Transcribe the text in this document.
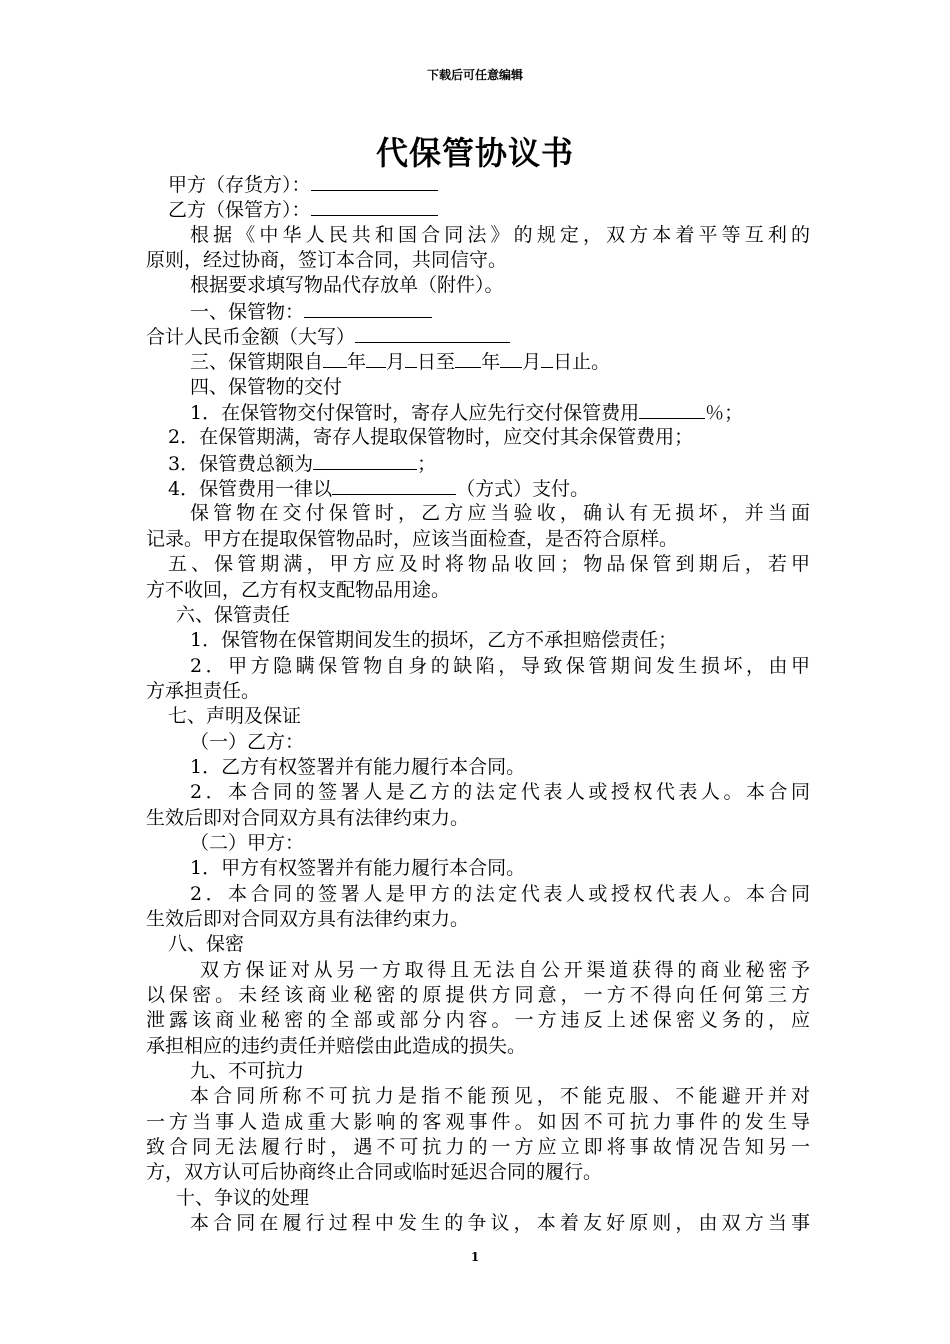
下载后可任意编辑
代保管协议书
甲方（存货方）：
乙方（保管方）：
根据《中华人民共和国合同法》的规定，双方本着平等互利的
原则，经过协商，签订本合同，共同信守。
根据要求填写物品代存放单（附件）。
一、保管物：
合计人民币金额（大写）
三、保管期限自 年 月 日至 年 月 日止。
四、保管物的交付
1．在保管物交付保管时，寄存人应先行交付保管费用	％；
2．在保管期满，寄存人提取保管物时，应交付其余保管费用；
3．保管费总额为	；
4．保管费用一律以	（方式）支付。
保管物在交付保管时，乙方应当验收，确认有无损坏，并当面
记录。甲方在提取保管物品时，应该当面检查，是否符合原样。
五、保管期满，甲方应及时将物品收回；物品保管到期后，若甲
方不收回，乙方有权支配物品用途。
六、保管责任
1．保管物在保管期间发生的损坏，乙方不承担赔偿责任；
2．甲方隐瞒保管物自身的缺陷，导致保管期间发生损坏，由甲
方承担责任。
七、声明及保证
（一）乙方：
1．乙方有权签署并有能力履行本合同。
2．本合同的签署人是乙方的法定代表人或授权代表人。本合同
生效后即对合同双方具有法律约束力。
（二）甲方：
1．甲方有权签署并有能力履行本合同。
2．本合同的签署人是甲方的法定代表人或授权代表人。本合同
生效后即对合同双方具有法律约束力。
八、保密
双方保证对从另一方取得且无法自公开渠道获得的商业秘密予
以保密。未经该商业秘密的原提供方同意，一方不得向任何第三方
泄露该商业秘密的全部或部分内容。一方违反上述保密义务的，应
承担相应的违约责任并赔偿由此造成的损失。
九、不可抗力
本合同所称不可抗力是指不能预见，不能克服、不能避开并对
一方当事人造成重大影响的客观事件。如因不可抗力事件的发生导
致合同无法履行时，遇不可抗力的一方应立即将事故情况告知另一
方，双方认可后协商终止合同或临时延迟合同的履行。
十、争议的处理
本合同在履行过程中发生的争议，本着友好原则，由双方当事
1
